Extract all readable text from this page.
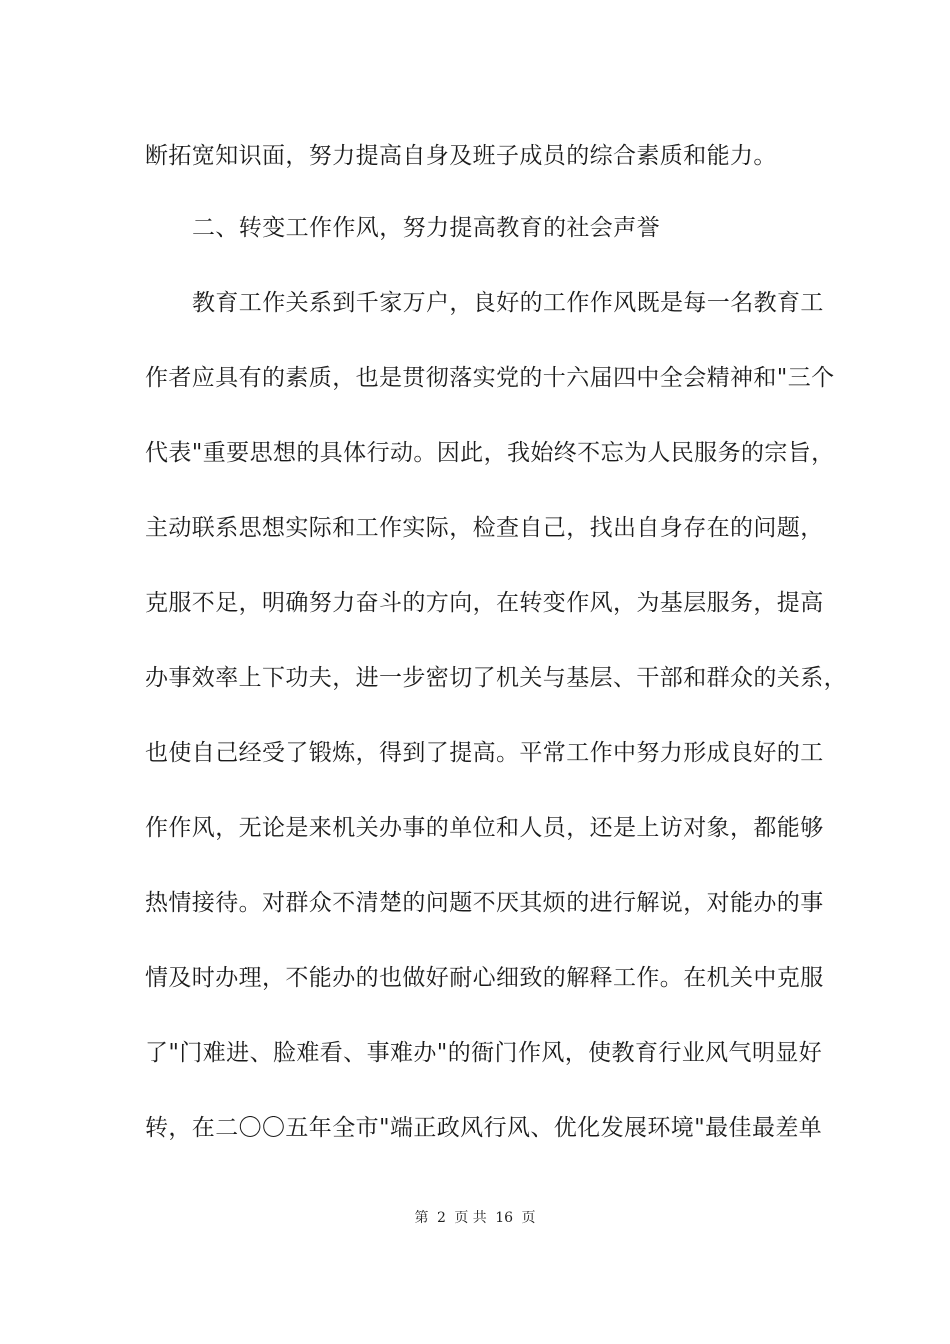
断拓宽知识面，努力提高自身及班子成员的综合素质和能力。
二、转变工作作风，努力提高教育的社会声誉
教育工作关系到千家万户，良好的工作作风既是每一名教育工
作者应具有的素质，也是贯彻落实党的十六届四中全会精神和"三个
代表"重要思想的具体行动。因此，我始终不忘为人民服务的宗旨，
主动联系思想实际和工作实际，检查自己，找出自身存在的问题，
克服不足，明确努力奋斗的方向，在转变作风，为基层服务，提高
办事效率上下功夫，进一步密切了机关与基层、干部和群众的关系，
也使自己经受了锻炼，得到了提高。平常工作中努力形成良好的工
作作风，无论是来机关办事的单位和人员，还是上访对象，都能够
热情接待。对群众不清楚的问题不厌其烦的进行解说，对能办的事
情及时办理，不能办的也做好耐心细致的解释工作。在机关中克服
了"门难进、脸难看、事难办"的衙门作风，使教育行业风气明显好
转，在二〇〇五年全市"端正政风行风、优化发展环境"最佳最差单
第 2 页 共 16 页
